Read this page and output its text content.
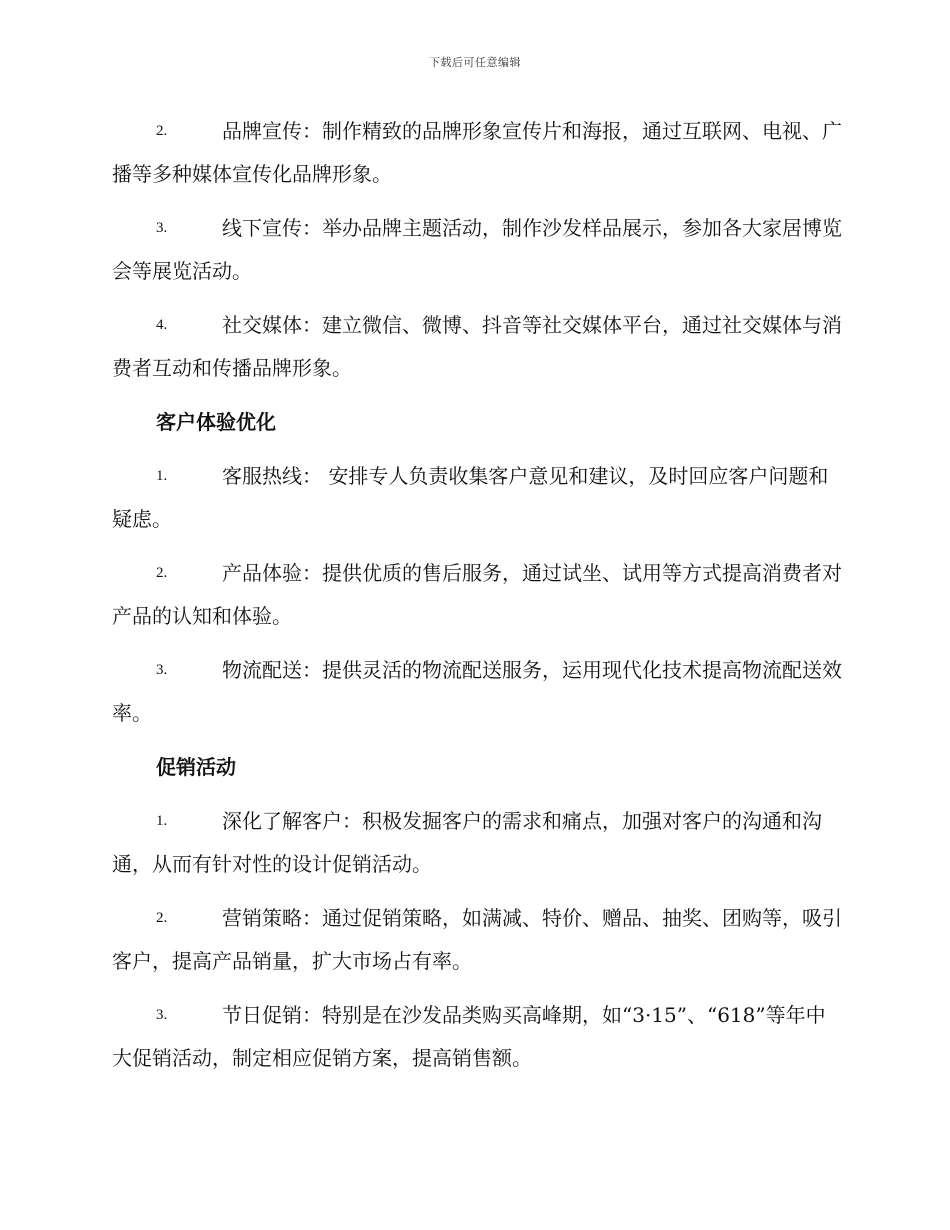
下载后可任意编辑

2.	品牌宣传：制作精致的品牌形象宣传片和海报，通过互联网、电视、广播等多种媒体宣传化品牌形象。

3.	线下宣传：举办品牌主题活动，制作沙发样品展示，参加各大家居博览会等展览活动。

4.	社交媒体：建立微信、微博、抖音等社交媒体平台，通过社交媒体与消费者互动和传播品牌形象。

客户体验优化

1.	客服热线： 安排专人负责收集客户意见和建议，及时回应客户问题和疑虑。

2.	产品体验：提供优质的售后服务，通过试坐、试用等方式提高消费者对产品的认知和体验。

3.	物流配送：提供灵活的物流配送服务，运用现代化技术提高物流配送效率。

促销活动

1.	深化了解客户：积极发掘客户的需求和痛点，加强对客户的沟通和沟通，从而有针对性的设计促销活动。

2.	营销策略：通过促销策略，如满减、特价、赠品、抽奖、团购等，吸引客户，提高产品销量，扩大市场占有率。

3.	节日促销：特别是在沙发品类购买高峰期，如“3·15”、“618”等年中大促销活动，制定相应促销方案，提高销售额。
